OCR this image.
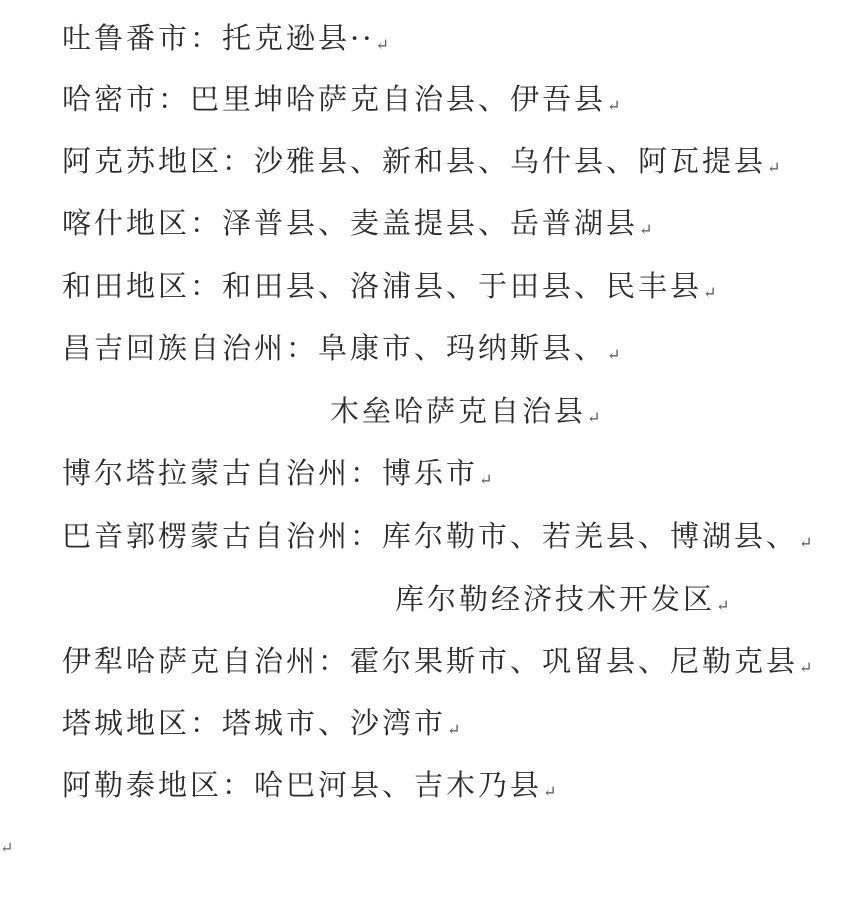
吐鲁番市：托克逊县··↵
哈密市：巴里坤哈萨克自治县、伊吾县↵
阿克苏地区：沙雅县、新和县、乌什县、阿瓦提县↵
喀什地区：泽普县、麦盖提县、岳普湖县↵
和田地区：和田县、洛浦县、于田县、民丰县↵
昌吉回族自治州：阜康市、玛纳斯县、↵
木垒哈萨克自治县↵
博尔塔拉蒙古自治州：博乐市↵
巴音郭楞蒙古自治州：库尔勒市、若羌县、博湖县、↵
库尔勒经济技术开发区↵
伊犁哈萨克自治州：霍尔果斯市、巩留县、尼勒克县↵
塔城地区：塔城市、沙湾市↵
阿勒泰地区：哈巴河县、吉木乃县↵
↵
